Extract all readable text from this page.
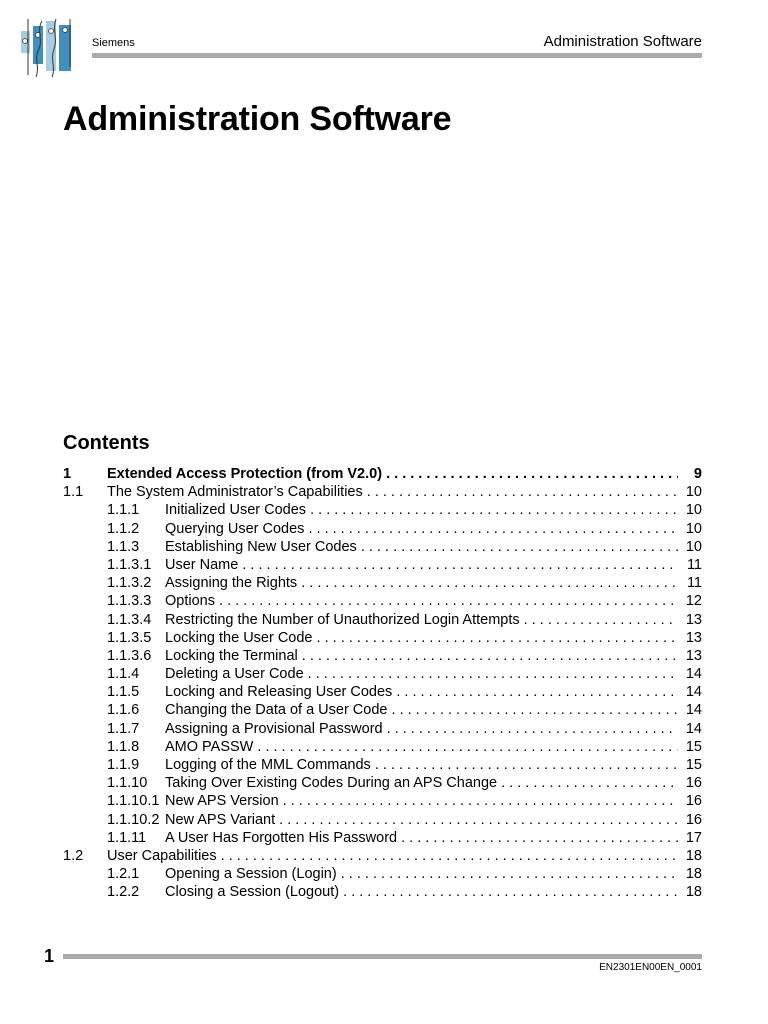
Siemens	Administration Software
Administration Software
Contents
1 Extended Access Protection (from V2.0) . . .	9
1.1 The System Administrator’s Capabilities . . .	10
1.1.1 Initialized User Codes . . .	10
1.1.2 Querying User Codes . . .	10
1.1.3 Establishing New User Codes . . .	10
1.1.3.1 User Name . . .	11
1.1.3.2 Assigning the Rights . . .	11
1.1.3.3 Options . . .	12
1.1.3.4 Restricting the Number of Unauthorized Login Attempts . . .	13
1.1.3.5 Locking the User Code . . .	13
1.1.3.6 Locking the Terminal . . .	13
1.1.4 Deleting a User Code . . .	14
1.1.5 Locking and Releasing User Codes . . .	14
1.1.6 Changing the Data of a User Code . . .	14
1.1.7 Assigning a Provisional Password . . .	14
1.1.8 AMO PASSW . . .	15
1.1.9 Logging of the MML Commands . . .	15
1.1.10 Taking Over Existing Codes During an APS Change . . .	16
1.1.10.1 New APS Version . . .	16
1.1.10.2 New APS Variant . . .	16
1.1.11 A User Has Forgotten His Password . . .	17
1.2 User Capabilities . . .	18
1.2.1 Opening a Session (Login) . . .	18
1.2.2 Closing a Session (Logout) . . .	18
1
EN2301EN00EN_0001
